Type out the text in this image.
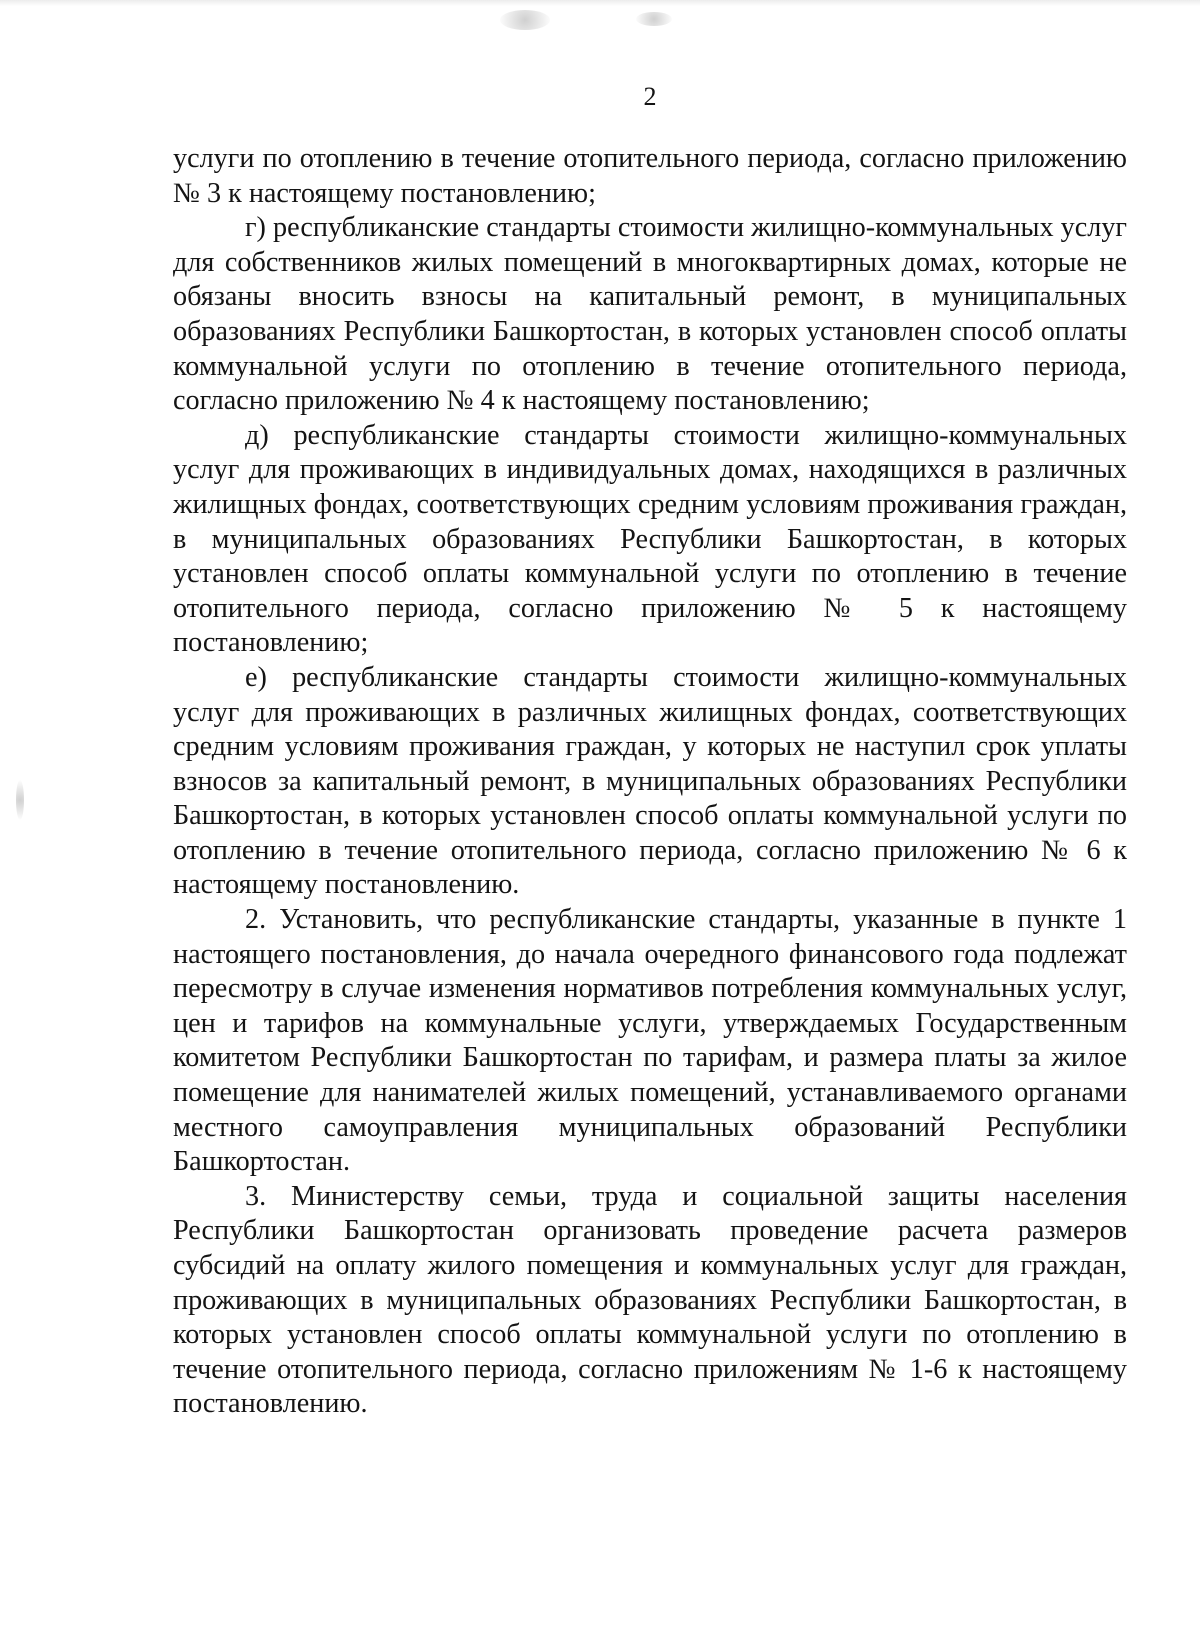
2

услуги по отоплению в течение отопительного периода, согласно приложению № 3 к настоящему постановлению;

г) республиканские стандарты стоимости жилищно-коммунальных услуг для собственников жилых помещений в многоквартирных домах, которые не обязаны вносить взносы на капитальный ремонт, в муниципальных образованиях Республики Башкортостан, в которых установлен способ оплаты коммунальной услуги по отоплению в течение отопительного периода, согласно приложению № 4 к настоящему постановлению;

д) республиканские стандарты стоимости жилищно-коммунальных услуг для проживающих в индивидуальных домах, находящихся в различных жилищных фондах, соответствующих средним условиям проживания граждан, в муниципальных образованиях Республики Башкортостан, в которых установлен способ оплаты коммунальной услуги по отоплению в течение отопительного периода, согласно приложению № 5 к настоящему постановлению;

е) республиканские стандарты стоимости жилищно-коммунальных услуг для проживающих в различных жилищных фондах, соответствующих средним условиям проживания граждан, у которых не наступил срок уплаты взносов за капитальный ремонт, в муниципальных образованиях Республики Башкортостан, в которых установлен способ оплаты коммунальной услуги по отоплению в течение отопительного периода, согласно приложению № 6 к настоящему постановлению.

2. Установить, что республиканские стандарты, указанные в пункте 1 настоящего постановления, до начала очередного финансового года подлежат пересмотру в случае изменения нормативов потребления коммунальных услуг, цен и тарифов на коммунальные услуги, утверждаемых Государственным комитетом Республики Башкортостан по тарифам, и размера платы за жилое помещение для нанимателей жилых помещений, устанавливаемого органами местного самоуправления муниципальных образований Республики Башкортостан.

3. Министерству семьи, труда и социальной защиты населения Республики Башкортостан организовать проведение расчета размеров субсидий на оплату жилого помещения и коммунальных услуг для граждан, проживающих в муниципальных образованиях Республики Башкортостан, в которых установлен способ оплаты коммунальной услуги по отоплению в течение отопительного периода, согласно приложениям № 1-6 к настоящему постановлению.
